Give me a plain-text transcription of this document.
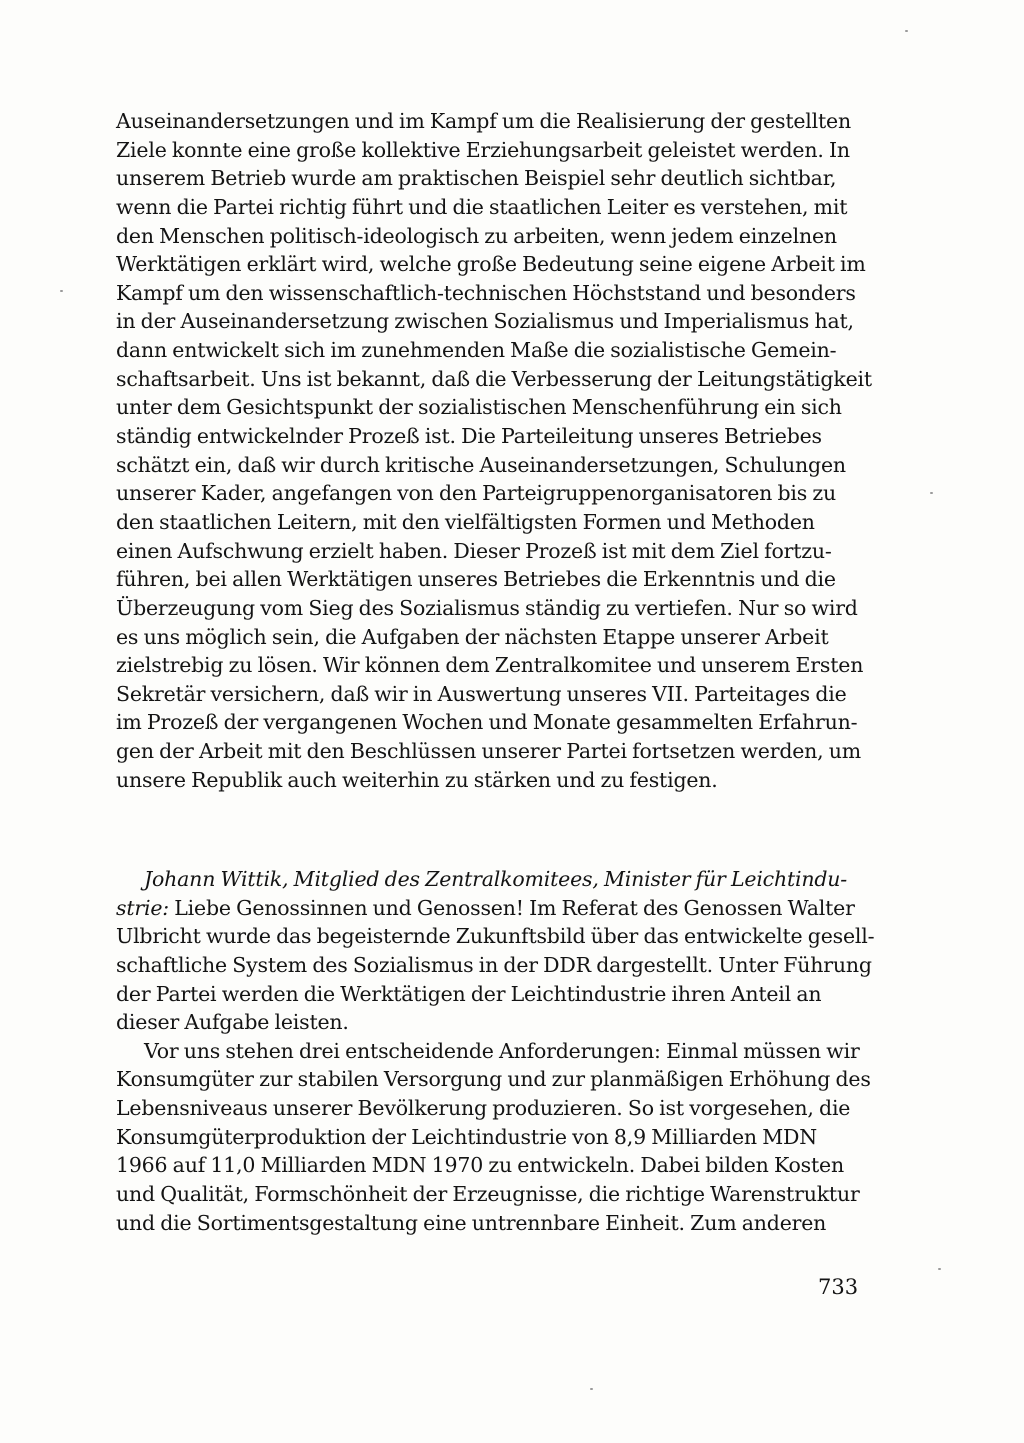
Auseinandersetzungen und im Kampf um die Realisierung der gestellten
Ziele konnte eine große kollektive Erziehungsarbeit geleistet werden. In
unserem Betrieb wurde am praktischen Beispiel sehr deutlich sichtbar,
wenn die Partei richtig führt und die staatlichen Leiter es verstehen, mit
den Menschen politisch-ideologisch zu arbeiten, wenn jedem einzelnen
Werktätigen erklärt wird, welche große Bedeutung seine eigene Arbeit im
Kampf um den wissenschaftlich-technischen Höchststand und besonders
in der Auseinandersetzung zwischen Sozialismus und Imperialismus hat,
dann entwickelt sich im zunehmenden Maße die sozialistische Gemein-
schaftsarbeit. Uns ist bekannt, daß die Verbesserung der Leitungstätigkeit
unter dem Gesichtspunkt der sozialistischen Menschenführung ein sich
ständig entwickelnder Prozeß ist. Die Parteileitung unseres Betriebes
schätzt ein, daß wir durch kritische Auseinandersetzungen, Schulungen
unserer Kader, angefangen von den Parteigruppenorganisatoren bis zu
den staatlichen Leitern, mit den vielfältigsten Formen und Methoden
einen Aufschwung erzielt haben. Dieser Prozeß ist mit dem Ziel fortzu-
führen, bei allen Werktätigen unseres Betriebes die Erkenntnis und die
Überzeugung vom Sieg des Sozialismus ständig zu vertiefen. Nur so wird
es uns möglich sein, die Aufgaben der nächsten Etappe unserer Arbeit
zielstrebig zu lösen. Wir können dem Zentralkomitee und unserem Ersten
Sekretär versichern, daß wir in Auswertung unseres VII. Parteitages die
im Prozeß der vergangenen Wochen und Monate gesammelten Erfahrun-
gen der Arbeit mit den Beschlüssen unserer Partei fortsetzen werden, um
unsere Republik auch weiterhin zu stärken und zu festigen.
Johann Wittik, Mitglied des Zentralkomitees, Minister für Leichtindu-
strie: Liebe Genossinnen und Genossen! Im Referat des Genossen Walter
Ulbricht wurde das begeisternde Zukunftsbild über das entwickelte gesell-
schaftliche System des Sozialismus in der DDR dargestellt. Unter Führung
der Partei werden die Werktätigen der Leichtindustrie ihren Anteil an
dieser Aufgabe leisten.
Vor uns stehen drei entscheidende Anforderungen: Einmal müssen wir
Konsumgüter zur stabilen Versorgung und zur planmäßigen Erhöhung des
Lebensniveaus unserer Bevölkerung produzieren. So ist vorgesehen, die
Konsumgüterproduktion der Leichtindustrie von 8,9 Milliarden MDN
1966 auf 11,0 Milliarden MDN 1970 zu entwickeln. Dabei bilden Kosten
und Qualität, Formschönheit der Erzeugnisse, die richtige Warenstruktur
und die Sortimentsgestaltung eine untrennbare Einheit. Zum anderen
733
